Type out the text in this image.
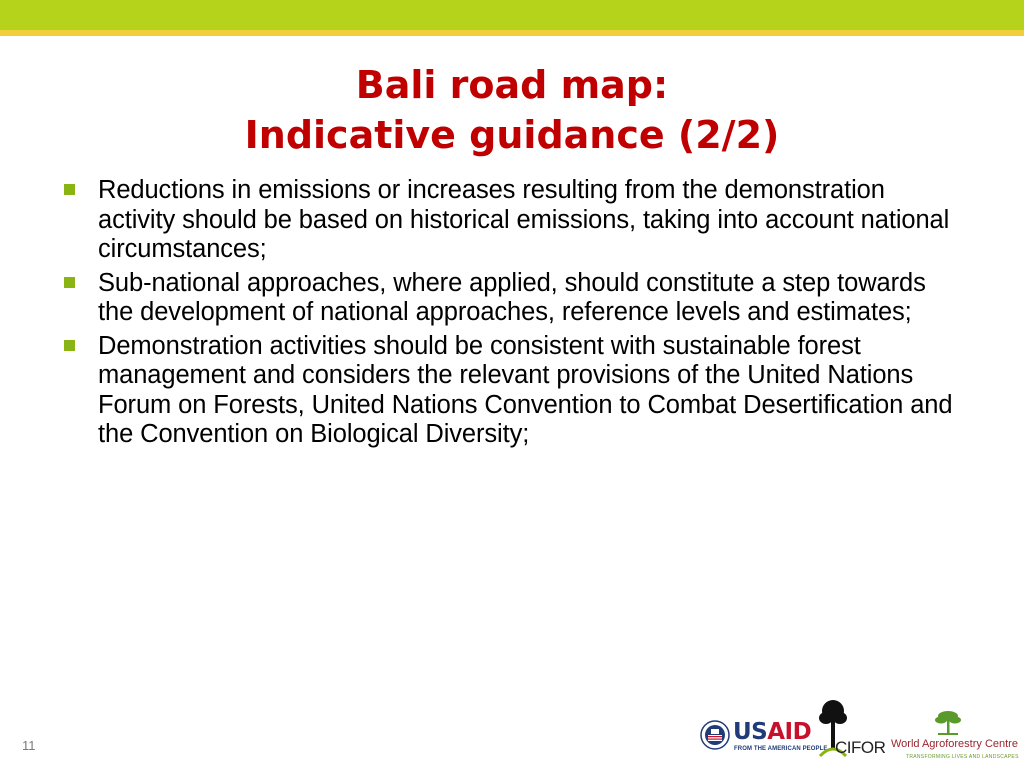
Bali road map:
Indicative guidance (2/2)
Reductions in emissions or increases resulting from the demonstration activity should be based on historical emissions, taking into account national circumstances;
Sub-national approaches, where applied, should constitute a step towards the development of national approaches, reference levels and estimates;
Demonstration activities should be consistent with sustainable forest management and considers the relevant provisions of the United Nations Forum on Forests, United Nations Convention to Combat Desertification and the Convention on Biological Diversity;
11
USAID
FROM THE AMERICAN PEOPLE CIFOR World Agroforestry Centre
TRANSFORMING LIVES AND LANDSCAPES
